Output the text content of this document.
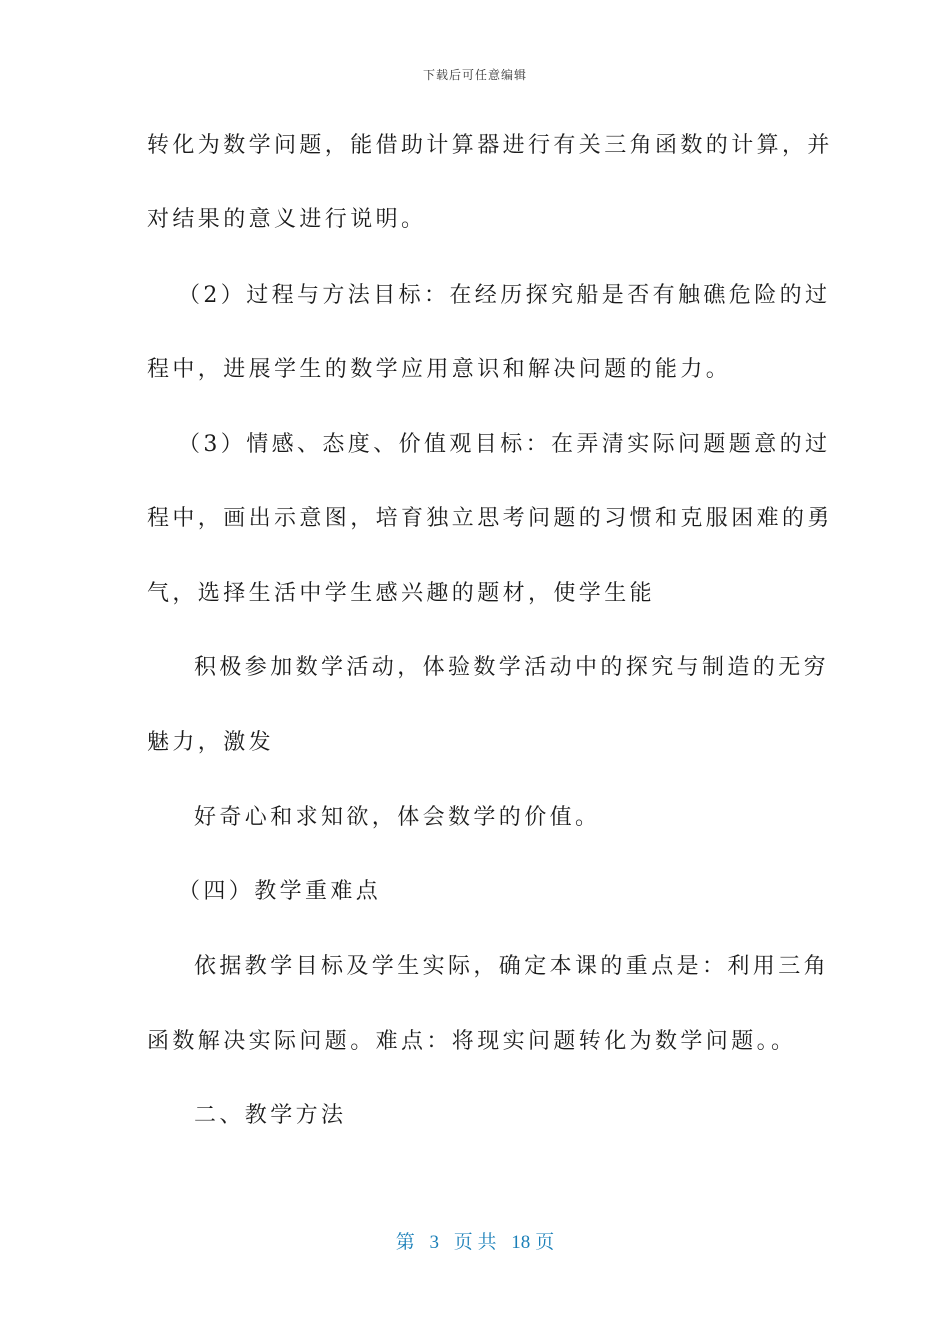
下载后可任意编辑
转化为数学问题，能借助计算器进行有关三角函数的计算，并
对结果的意义进行说明。
（2）过程与方法目标：在经历探究船是否有触礁危险的过
程中，进展学生的数学应用意识和解决问题的能力。
（3）情感、态度、价值观目标：在弄清实际问题题意的过
程中，画出示意图，培育独立思考问题的习惯和克服困难的勇
气，选择生活中学生感兴趣的题材，使学生能
积极参加数学活动，体验数学活动中的探究与制造的无穷
魅力，激发
好奇心和求知欲，体会数学的价值。
（四）教学重难点
依据教学目标及学生实际，确定本课的重点是：利用三角
函数解决实际问题。难点：将现实问题转化为数学问题。。
二、教学方法
第 3 页 共 18 页
